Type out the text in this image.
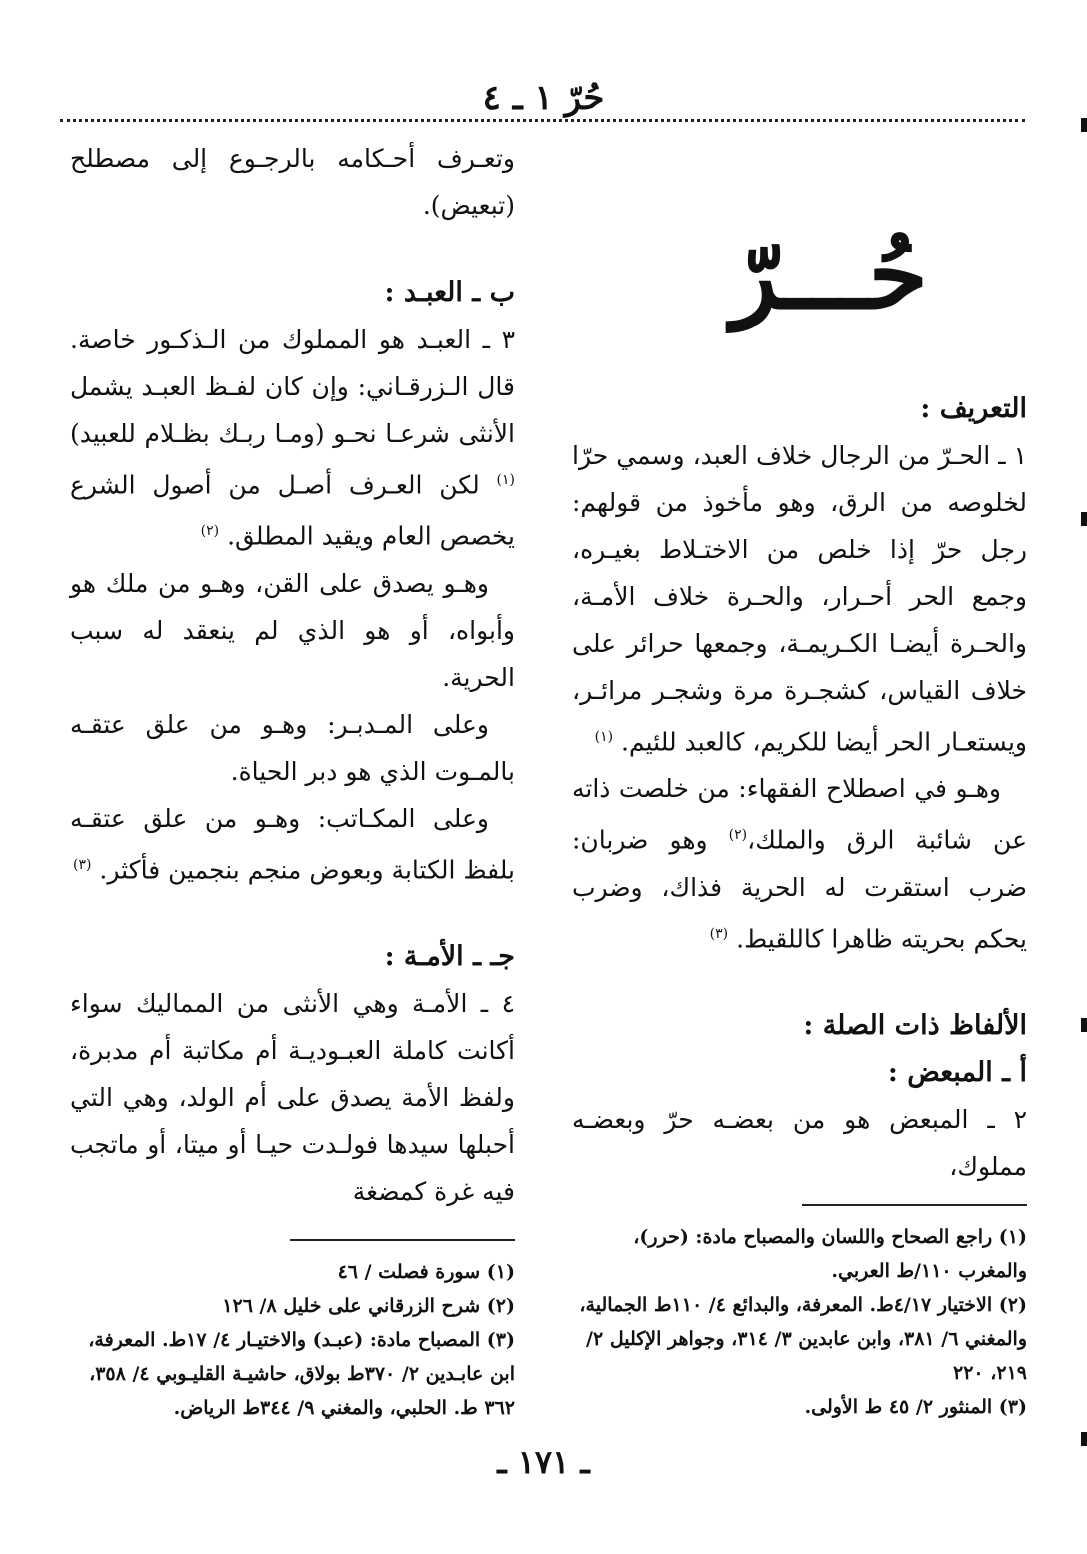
حُرّ ١ ـ ٤
حُـــرّ

التعريف :

١ ـ الحـرّ من الرجال خلاف العبد، وسمي حرّا لخلوصه من الرق، وهو مأخوذ من قولهم: رجل حرّ إذا خلص من الاختـلاط بغيـره، وجمع الحر أحـرار، والحـرة خلاف الأمـة، والحـرة أيضـا الكـريمـة، وجمعها حرائر على خلاف القياس، كشجـرة مرة وشجـر مرائـر، ويستعـار الحر أيضا للكريم، كالعبد للئيم. $^{(١)}$

وهـو في اصطلاح الفقهاء: من خلصت ذاته عن شائبة الرق والملك،$^{(٢)}$ وهو ضربان: ضرب استقرت له الحرية فذاك، وضرب يحكم بحريته ظاهرا كاللقيط. $^{(٣)}$

الألفاظ ذات الصلة :

أ ـ المبعض :

٢ ـ المبعض هو من بعضـه حرّ وبعضـه مملوك،

(١) راجع الصحاح واللسان والمصباح مادة: (حرر)، والمغرب ١١٠/ط العربي.

(٢) الاختيار ٤/١٧ط. المعرفة، والبدائع ٤/ ١١٠ط الجمالية، والمغني ٦/ ٣٨١، وابن عابدين ٣/ ٣١٤، وجواهر الإكليل ٢/ ٢١٩، ٢٢٠

(٣) المنثور ٢/ ٤٥ ط الأولى.

وتعـرف أحـكامه بالرجـوع إلى مصطلح (تبعيض).

ب ـ العبـد :

٣ ـ العبـد هو المملوك من الـذكـور خاصة. قال الـزرقـاني: وإن كان لفـظ العبـد يشمل الأنثى شرعـا نحـو (ومـا ربـك بظـلام للعبيد)$^{(١)}$ لكن العـرف أصـل من أصول الشرع يخصص العام ويقيد المطلق. $^{(٢)}$

وهـو يصدق على القن، وهـو من ملك هو وأبواه، أو هو الذي لم ينعقد له سبب الحرية.

وعلى المـدبـر: وهـو من علق عتقـه بالمـوت الذي هو دبر الحياة.

وعلى المكـاتب: وهـو من علق عتقـه بلفظ الكتابة وبعوض منجم بنجمين فأكثر. $^{(٣)}$

جـ ـ الأمـة :

٤ ـ الأمـة وهي الأنثى من المماليك سواء أكانت كاملة العبـوديـة أم مكاتبة أم مدبرة، ولفظ الأمة يصدق على أم الولد، وهي التي أحبلها سيدها فولـدت حيـا أو ميتا، أو ماتجب فيه غرة كمضغة

(١) سورة فصلت / ٤٦

(٢) شرح الزرقاني على خليل ٨/ ١٢٦

(٣) المصباح مادة: (عبـد) والاختيـار ٤/ ١٧ط. المعرفة، ابن عابـدين ٢/ ٣٧٠ط بولاق، حاشيـة القليـوبي ٤/ ٣٥٨، ٣٦٢ ط. الحلبي، والمغني ٩/ ٣٤٤ط الرياض.

ـ ١٧١ ـ
